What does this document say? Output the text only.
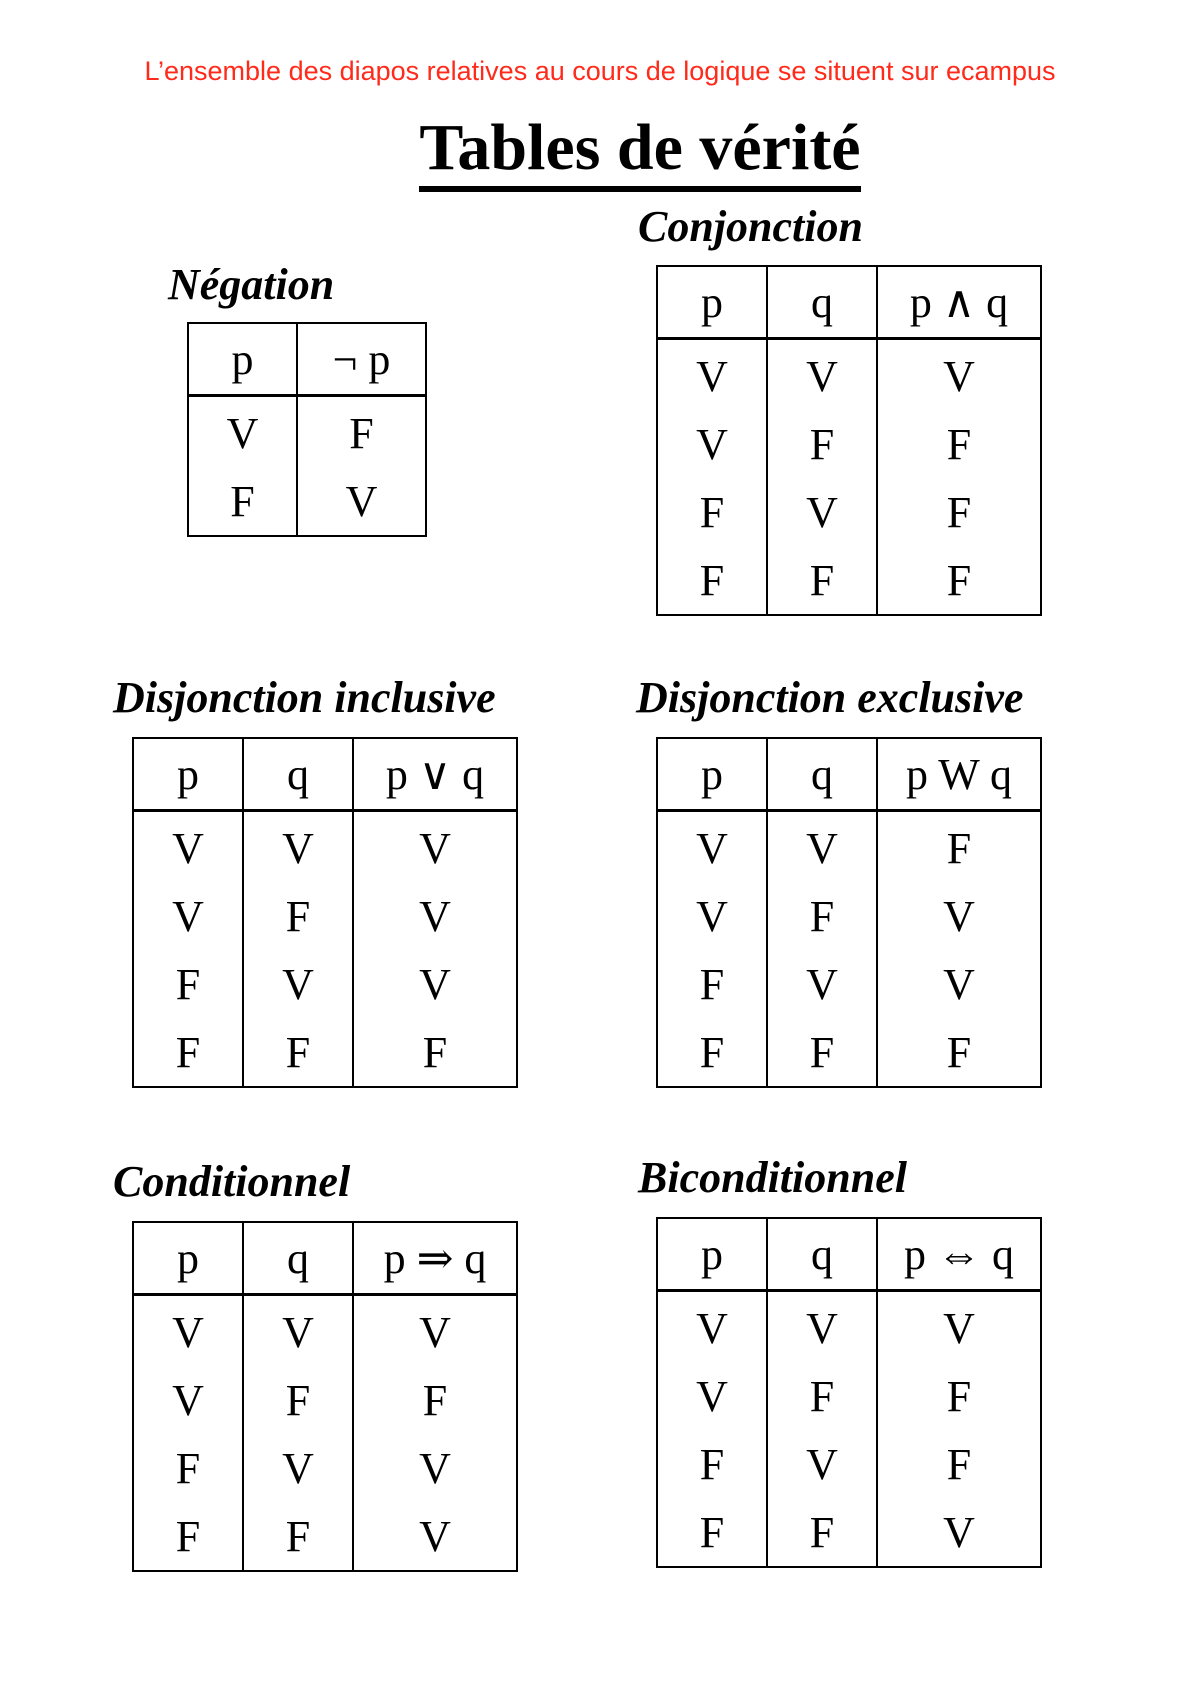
L’ensemble des diapos relatives au cours de logique se situent sur ecampus
Tables de vérité
Négation
p	¬ p
V	F
F	V
Conjonction
p	q	p ∧ q
V	V	V
V	F	F
F	V	F
F	F	F
Disjonction inclusive
p	q	p ∨ q
V	V	V
V	F	V
F	V	V
F	F	F
Disjonction exclusive
p	q	p W q
V	V	F
V	F	V
F	V	V
F	F	F
Conditionnel
p	q	p ⇒ q
V	V	V
V	F	F
F	V	V
F	F	V
Biconditionnel
p	q	p ⇔ q
V	V	V
V	F	F
F	V	F
F	F	V
